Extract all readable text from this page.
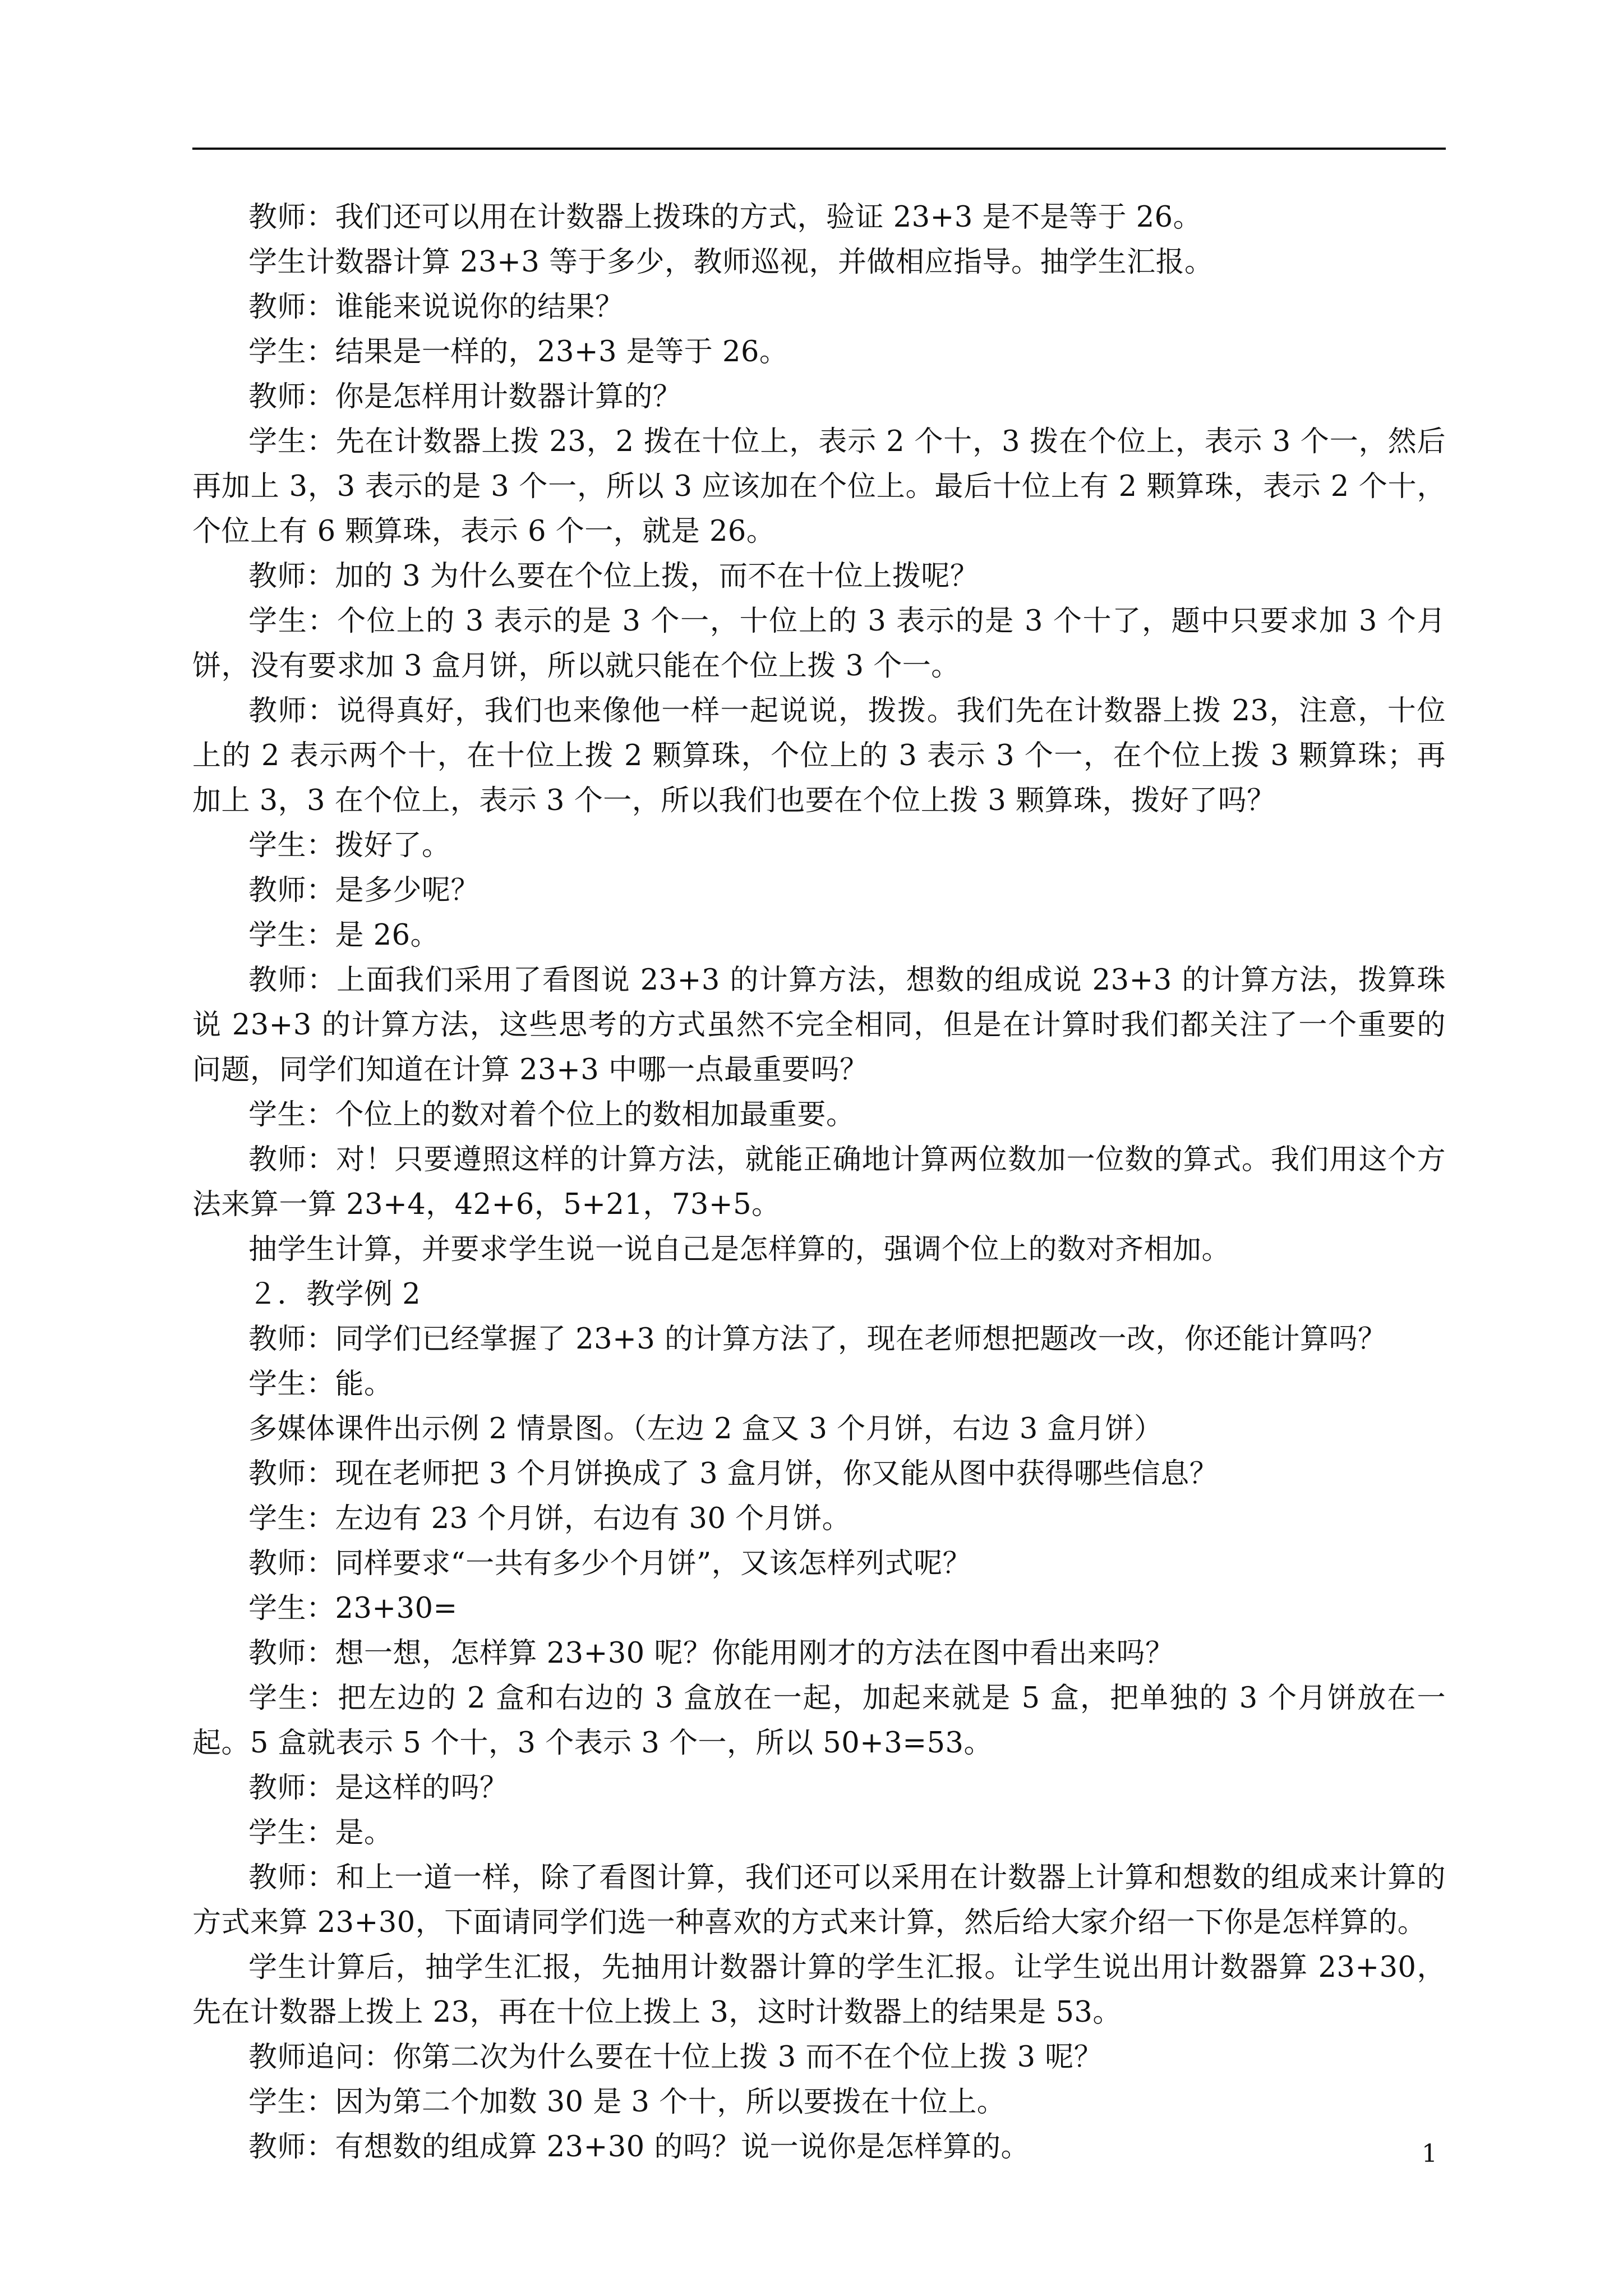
教师：我们还可以用在计数器上拨珠的方式，验证 23+3 是不是等于 26。

学生计数器计算 23+3 等于多少，教师巡视，并做相应指导。抽学生汇报。

教师：谁能来说说你的结果？

学生：结果是一样的，23+3 是等于 26。

教师：你是怎样用计数器计算的？

学生：先在计数器上拨 23，2 拨在十位上，表示 2 个十，3 拨在个位上，表示 3 个一，然后再加上 3，3 表示的是 3 个一，所以 3 应该加在个位上。最后十位上有 2 颗算珠，表示 2 个十，个位上有 6 颗算珠，表示 6 个一，就是 26。

教师：加的 3 为什么要在个位上拨，而不在十位上拨呢？

学生：个位上的 3 表示的是 3 个一，十位上的 3 表示的是 3 个十了，题中只要求加 3 个月饼，没有要求加 3 盒月饼，所以就只能在个位上拨 3 个一。

教师：说得真好，我们也来像他一样一起说说，拨拨。我们先在计数器上拨 23，注意，十位上的 2 表示两个十，在十位上拨 2 颗算珠，个位上的 3 表示 3 个一，在个位上拨 3 颗算珠；再加上 3，3 在个位上，表示 3 个一，所以我们也要在个位上拨 3 颗算珠，拨好了吗？

学生：拨好了。

教师：是多少呢？

学生：是 26。

教师：上面我们采用了看图说 23+3 的计算方法，想数的组成说 23+3 的计算方法，拨算珠说 23+3 的计算方法，这些思考的方式虽然不完全相同，但是在计算时我们都关注了一个重要的问题，同学们知道在计算 23+3 中哪一点最重要吗？

学生：个位上的数对着个位上的数相加最重要。

教师：对！只要遵照这样的计算方法，就能正确地计算两位数加一位数的算式。我们用这个方法来算一算 23+4，42+6，5+21，73+5。

抽学生计算，并要求学生说一说自己是怎样算的，强调个位上的数对齐相加。

２．教学例 2

教师：同学们已经掌握了 23+3 的计算方法了，现在老师想把题改一改，你还能计算吗？

学生：能。

多媒体课件出示例 2 情景图。（左边 2 盒又 3 个月饼，右边 3 盒月饼）

教师：现在老师把 3 个月饼换成了 3 盒月饼，你又能从图中获得哪些信息？

学生：左边有 23 个月饼，右边有 30 个月饼。

教师：同样要求“一共有多少个月饼”，又该怎样列式呢？

学生：23+30=

教师：想一想，怎样算 23+30 呢？你能用刚才的方法在图中看出来吗？

学生：把左边的 2 盒和右边的 3 盒放在一起，加起来就是 5 盒，把单独的 3 个月饼放在一起。5 盒就表示 5 个十，3 个表示 3 个一，所以 50+3=53。

教师：是这样的吗？

学生：是。

教师：和上一道一样，除了看图计算，我们还可以采用在计数器上计算和想数的组成来计算的方式来算 23+30，下面请同学们选一种喜欢的方式来计算，然后给大家介绍一下你是怎样算的。

学生计算后，抽学生汇报，先抽用计数器计算的学生汇报。让学生说出用计数器算 23+30，先在计数器上拨上 23，再在十位上拨上 3，这时计数器上的结果是 53。

教师追问：你第二次为什么要在十位上拨 3 而不在个位上拨 3 呢？

学生：因为第二个加数 30 是 3 个十，所以要拨在十位上。

教师：有想数的组成算 23+30 的吗？说一说你是怎样算的。	1
